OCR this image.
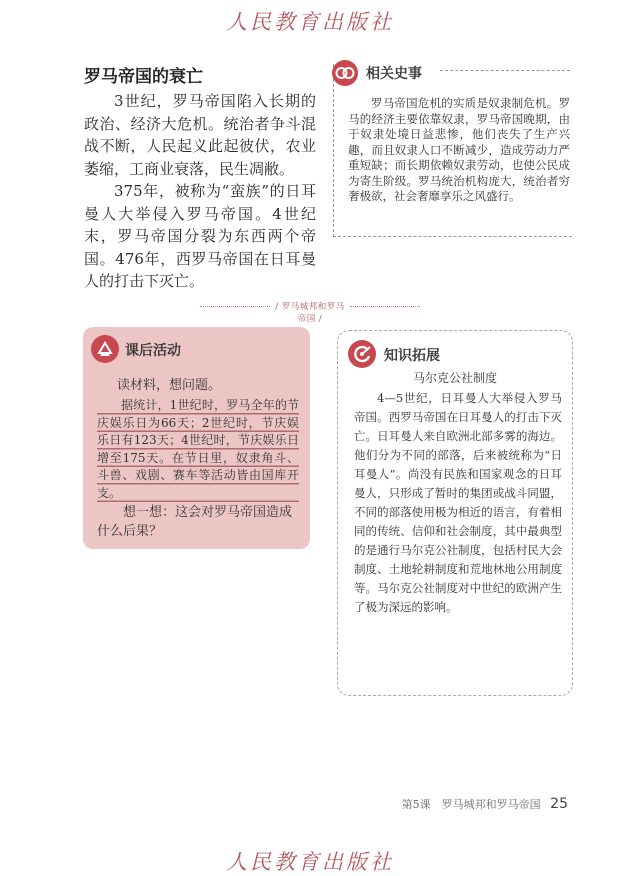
人民教育出版社
罗马帝国的衰亡

3世纪，罗马帝国陷入长期的政治、经济大危机。统治者争斗混战不断，人民起义此起彼伏，农业萎缩，工商业衰落，民生凋敝。

375年，被称为“蛮族”的日耳曼人大举侵入罗马帝国。4世纪末，罗马帝国分裂为东西两个帝国。476年，西罗马帝国在日耳曼人的打击下灭亡。

相关史事
罗马帝国危机的实质是奴隶制危机。罗马的经济主要依靠奴隶，罗马帝国晚期，由于奴隶处境日益悲惨，他们丧失了生产兴趣，而且奴隶人口不断减少，造成劳动力严重短缺；而长期依赖奴隶劳动，也使公民成为寄生阶级。罗马统治机构庞大，统治者穷奢极欲，社会奢靡享乐之风盛行。
/ 罗马城邦和罗马帝国 /
课后活动
读材料，想问题。
据统计，1世纪时，罗马全年的节庆娱乐日为66天；2世纪时，节庆娱乐日有123天；4世纪时，节庆娱乐日增至175天。在节日里，奴隶角斗、斗兽、戏剧、赛车等活动皆由国库开支。
想一想：这会对罗马帝国造成什么后果？
知识拓展
马尔克公社制度
4—5世纪，日耳曼人大举侵入罗马帝国。西罗马帝国在日耳曼人的打击下灭亡。日耳曼人来自欧洲北部多雾的海边。他们分为不同的部落，后来被统称为“日耳曼人”。尚没有民族和国家观念的日耳曼人，只形成了暂时的集团或战斗同盟，不同的部落使用极为相近的语言，有着相同的传统、信仰和社会制度，其中最典型的是通行马尔克公社制度，包括村民大会制度、土地轮耕制度和荒地林地公用制度等。马尔克公社制度对中世纪的欧洲产生了极为深远的影响。
第5课　罗马城邦和罗马帝国 25
人民教育出版社
